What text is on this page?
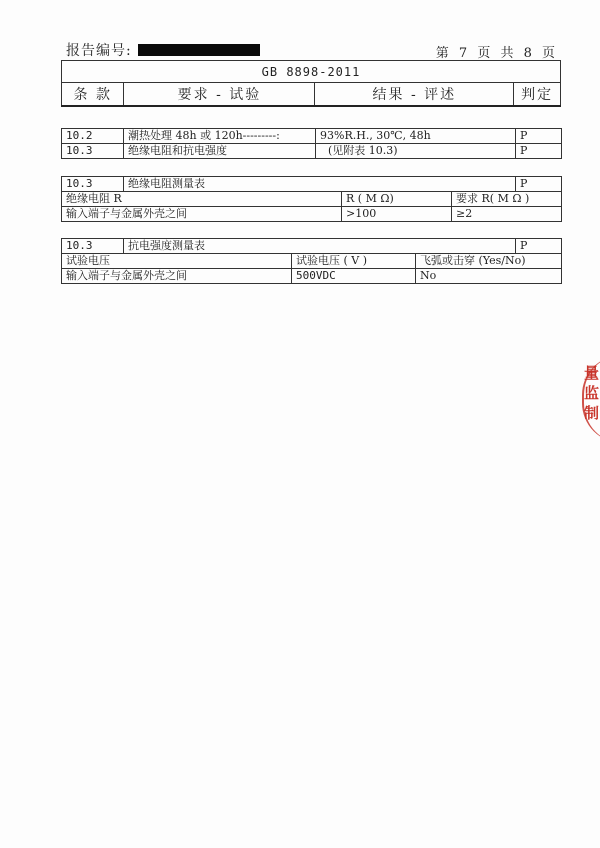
报告编号:	第 7 页 共 8 页
GB 8898-2011
条 款	要求 - 试验	结果 - 评述	判定
10.2	潮热处理 48h 或 120h---------:	93%R.H., 30℃, 48h	P
10.3	绝缘电阻和抗电强度	(见附表 10.3)	P
10.3	绝缘电阻测量表			P
绝缘电阻 R		R ( M Ω)	要求 R( M Ω )	
输入端子与金属外壳之间		>100	≥2	
10.3	抗电强度测量表			P
试验电压		试验电压 ( V )	飞弧或击穿 (Yes/No)	
输入端子与金属外壳之间		500VDC	No	
量
监
制
